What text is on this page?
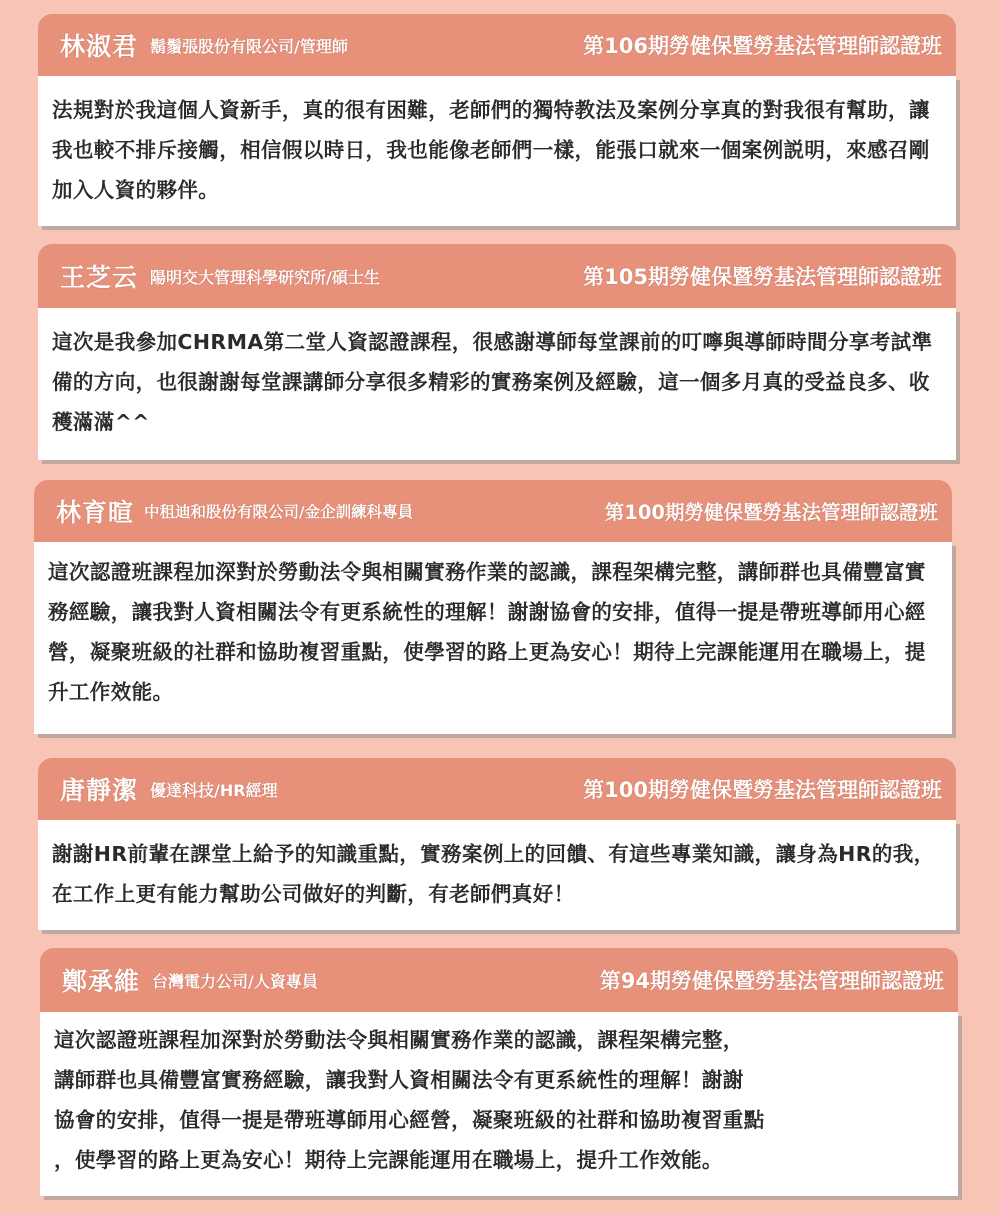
林淑君 鬍鬚張股份有限公司/管理師	第106期勞健保暨勞基法管理師認證班
法規對於我這個人資新手，真的很有困難，老師們的獨特教法及案例分享真的對我很有幫助，讓我也較不排斥接觸，相信假以時日，我也能像老師們一樣，能張口就來一個案例説明，來感召剛加入人資的夥伴。
王芝云 陽明交大管理科學研究所/碩士生	第105期勞健保暨勞基法管理師認證班
這次是我參加CHRMA第二堂人資認證課程，很感謝導師每堂課前的叮嚀與導師時間分享考試準備的方向，也很謝謝每堂課講師分享很多精彩的實務案例及經驗，這一個多月真的受益良多、收穫滿滿^^
林育暄 中租迪和股份有限公司/金企訓練科專員	第100期勞健保暨勞基法管理師認證班
這次認證班課程加深對於勞動法令與相關實務作業的認識，課程架構完整，講師群也具備豐富實務經驗，讓我對人資相關法令有更系統性的理解！謝謝協會的安排，值得一提是帶班導師用心經營，凝聚班級的社群和協助複習重點，使學習的路上更為安心！期待上完課能運用在職場上，提升工作效能。
唐靜潔 優達科技/HR經理	第100期勞健保暨勞基法管理師認證班
謝謝HR前輩在課堂上給予的知識重點，實務案例上的回饋、有這些專業知識，讓身為HR的我，在工作上更有能力幫助公司做好的判斷，有老師們真好！
鄭承維 台灣電力公司/人資專員	第94期勞健保暨勞基法管理師認證班
這次認證班課程加深對於勞動法令與相關實務作業的認識，課程架構完整，
講師群也具備豐富實務經驗，讓我對人資相關法令有更系統性的理解！謝謝
協會的安排，值得一提是帶班導師用心經營，凝聚班級的社群和協助複習重點
，使學習的路上更為安心！期待上完課能運用在職場上，提升工作效能。
